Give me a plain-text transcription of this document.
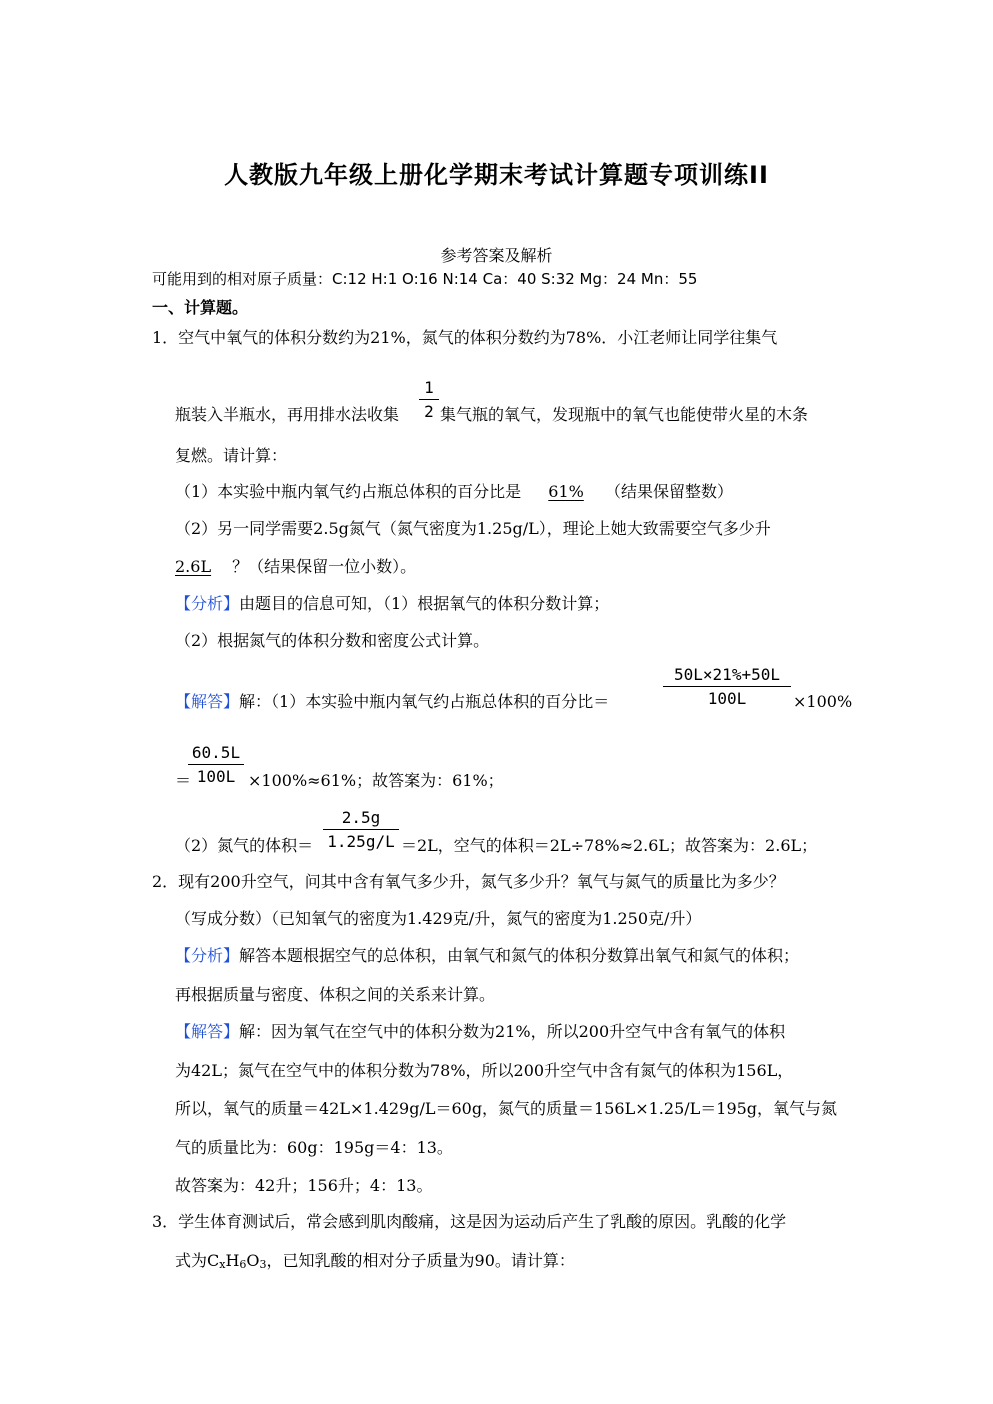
人教版九年级上册化学期末考试计算题专项训练II
参考答案及解析
可能用到的相对原子质量：C:12 H:1 O:16 N:14 Ca：40 S:32 Mg：24 Mn：55
一、计算题。
1．空气中氧气的体积分数约为21%，氮气的体积分数约为78%．小江老师让同学往集气
瓶装入半瓶水，再用排水法收集
1
2 集气瓶的氧气，发现瓶中的氧气也能使带火星的木条
复燃。请计算：
（1）本实验中瓶内氧气约占瓶总体积的百分比是 61% （结果保留整数）
（2）另一同学需要2.5g氮气（氮气密度为1.25g/L），理论上她大致需要空气多少升
2.6L ？（结果保留一位小数）。
【分析】由题目的信息可知，（1）根据氧气的体积分数计算；
（2）根据氮气的体积分数和密度公式计算。
【解答】解：（1）本实验中瓶内氧气约占瓶总体积的百分比＝
50L×21%+50L
100L	×100%
＝
60.5L
100L ×100%≈61%；故答案为：61%；
（2）氮气的体积＝
2.5g
1.25g/L ＝2L，空气的体积＝2L÷78%≈2.6L；故答案为：2.6L；
2．现有200升空气，问其中含有氧气多少升，氮气多少升？氧气与氮气的质量比为多少？
（写成分数）（已知氧气的密度为1.429克/升，氮气的密度为1.250克/升）
【分析】解答本题根据空气的总体积，由氧气和氮气的体积分数算出氧气和氮气的体积；
再根据质量与密度、体积之间的关系来计算。
【解答】解：因为氧气在空气中的体积分数为21%，所以200升空气中含有氧气的体积
为42L；氮气在空气中的体积分数为78%，所以200升空气中含有氮气的体积为156L，
所以，氧气的质量＝42L×1.429g/L＝60g，氮气的质量＝156L×1.25/L＝195g，氧气与氮
气的质量比为：60g：195g＝4：13。
故答案为：42升；156升；4：13。
3．学生体育测试后，常会感到肌肉酸痛，这是因为运动后产生了乳酸的原因。乳酸的化学
式为$C_xH_6O_3$，已知乳酸的相对分子质量为90。请计算：
